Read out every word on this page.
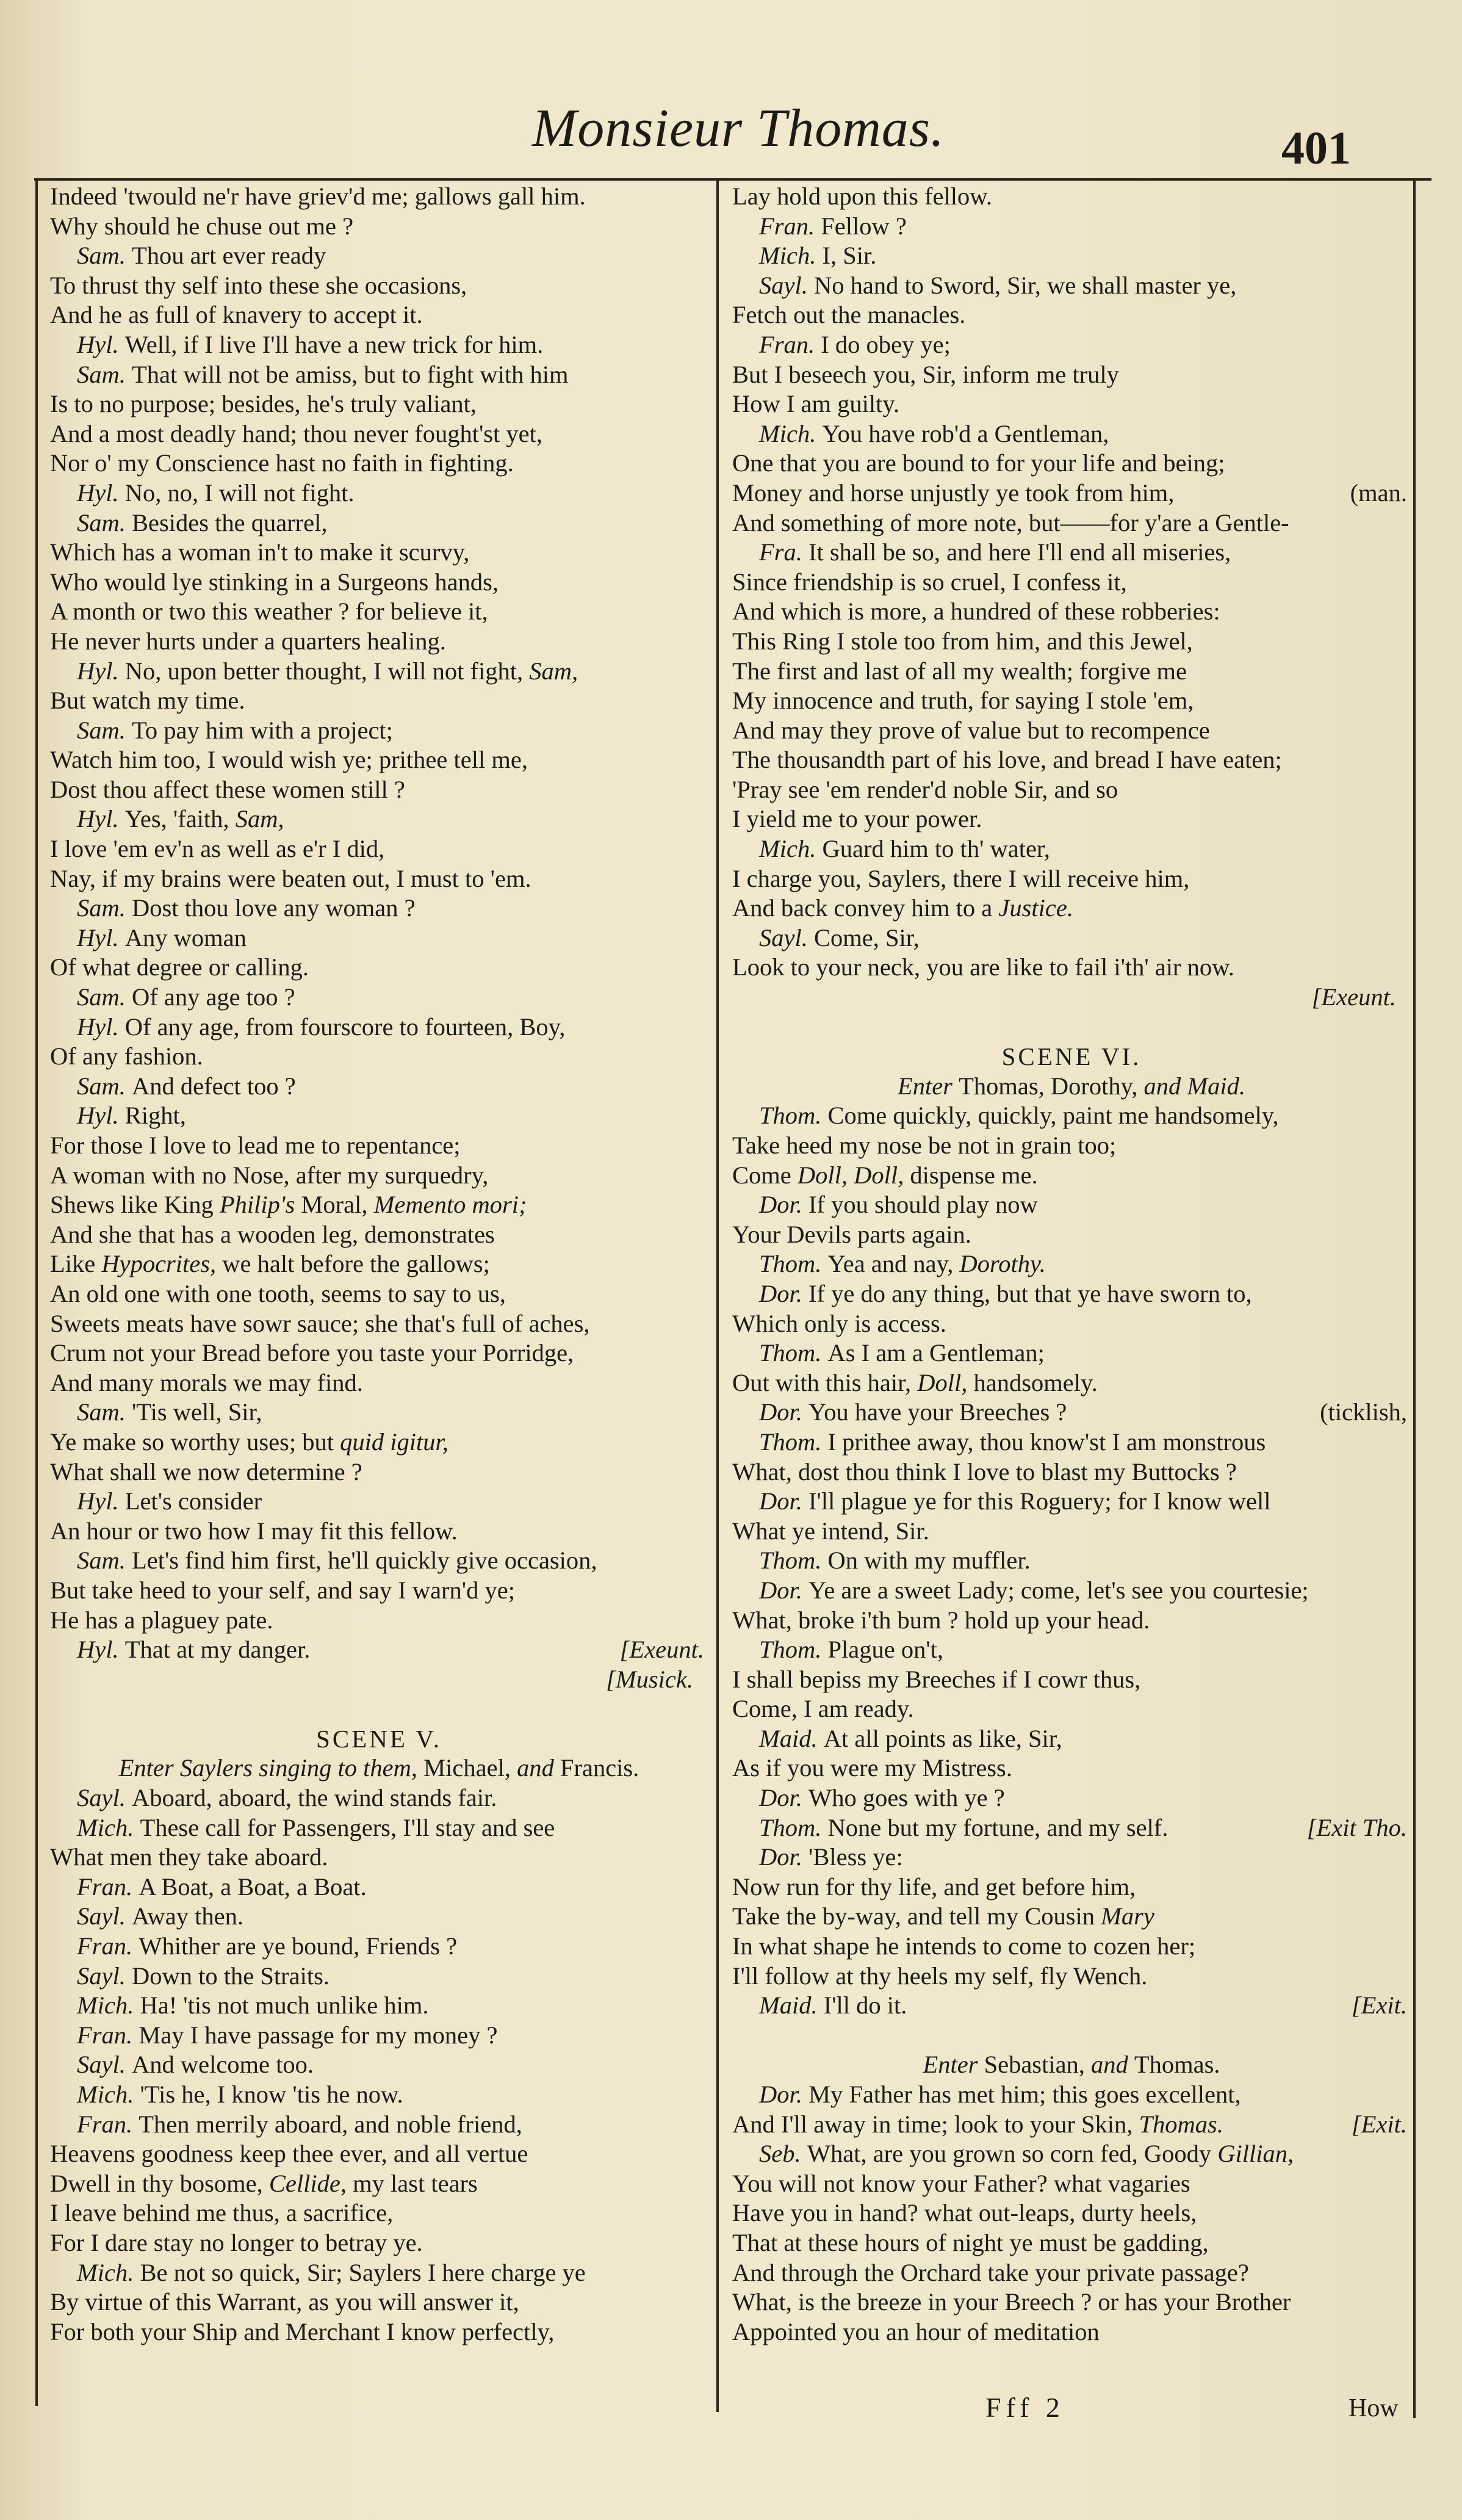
Monsieur Thomas.	401
Indeed 'twould ne'r have griev'd me; gallows gall him.
Why should he chuse out me ?
Sam. Thou art ever ready
To thrust thy self into these she occasions,
And he as full of knavery to accept it.
Hyl. Well, if I live I'll have a new trick for him.
Sam. That will not be amiss, but to fight with him
Is to no purpose; besides, he's truly valiant,
And a most deadly hand; thou never fought'st yet,
Nor o' my Conscience hast no faith in fighting.
Hyl. No, no, I will not fight.
Sam. Besides the quarrel,
Which has a woman in't to make it scurvy,
Who would lye stinking in a Surgeons hands,
A month or two this weather ? for believe it,
He never hurts under a quarters healing.
Hyl. No, upon better thought, I will not fight, Sam,
But watch my time.
Sam. To pay him with a project;
Watch him too, I would wish ye; prithee tell me,
Dost thou affect these women still ?
Hyl. Yes, 'faith, Sam,
I love 'em ev'n as well as e'r I did,
Nay, if my brains were beaten out, I must to 'em.
Sam. Dost thou love any woman ?
Hyl. Any woman
Of what degree or calling.
Sam. Of any age too ?
Hyl. Of any age, from fourscore to fourteen, Boy,
Of any fashion.
Sam. And defect too ?
Hyl. Right,
For those I love to lead me to repentance;
A woman with no Nose, after my surquedry,
Shews like King Philip's Moral, Memento mori;
And she that has a wooden leg, demonstrates
Like Hypocrites, we halt before the gallows;
An old one with one tooth, seems to say to us,
Sweets meats have sowr sauce; she that's full of aches,
Crum not your Bread before you taste your Porridge,
And many morals we may find.
Sam. 'Tis well, Sir,
Ye make so worthy uses; but quid igitur,
What shall we now determine ?
Hyl. Let's consider
An hour or two how I may fit this fellow.
Sam. Let's find him first, he'll quickly give occasion,
But take heed to your self, and say I warn'd ye;
He has a plaguey pate.
Hyl. That at my danger.	[Exeunt.
[Musick.
SCENE V.
Enter Saylers singing to them, Michael, and Francis.
Sayl. Aboard, aboard, the wind stands fair.
Mich. These call for Passengers, I'll stay and see
What men they take aboard.
Fran. A Boat, a Boat, a Boat.
Sayl. Away then.
Fran. Whither are ye bound, Friends ?
Sayl. Down to the Straits.
Mich. Ha! 'tis not much unlike him.
Fran. May I have passage for my money ?
Sayl. And welcome too.
Mich. 'Tis he, I know 'tis he now.
Fran. Then merrily aboard, and noble friend,
Heavens goodness keep thee ever, and all vertue
Dwell in thy bosome, Cellide, my last tears
I leave behind me thus, a sacrifice,
For I dare stay no longer to betray ye.
Mich. Be not so quick, Sir; Saylers I here charge ye
By virtue of this Warrant, as you will answer it,
For both your Ship and Merchant I know perfectly,
Lay hold upon this fellow.
Fran. Fellow ?
Mich. I, Sir.
Sayl. No hand to Sword, Sir, we shall master ye,
Fetch out the manacles.
Fran. I do obey ye;
But I beseech you, Sir, inform me truly
How I am guilty.
Mich. You have rob'd a Gentleman,
One that you are bound to for your life and being;
Money and horse unjustly ye took from him,	(man.
And something of more note, but——for y'are a Gentle-
Fra. It shall be so, and here I'll end all miseries,
Since friendship is so cruel, I confess it,
And which is more, a hundred of these robberies:
This Ring I stole too from him, and this Jewel,
The first and last of all my wealth; forgive me
My innocence and truth, for saying I stole 'em,
And may they prove of value but to recompence
The thousandth part of his love, and bread I have eaten;
'Pray see 'em render'd noble Sir, and so
I yield me to your power.
Mich. Guard him to th' water,
I charge you, Saylers, there I will receive him,
And back convey him to a Justice.
Sayl. Come, Sir,
Look to your neck, you are like to fail i'th' air now.
[Exeunt.
SCENE VI.
Enter Thomas, Dorothy, and Maid.
Thom. Come quickly, quickly, paint me handsomely,
Take heed my nose be not in grain too;
Come Doll, Doll, dispense me.
Dor. If you should play now
Your Devils parts again.
Thom. Yea and nay, Dorothy.
Dor. If ye do any thing, but that ye have sworn to,
Which only is access.
Thom. As I am a Gentleman;
Out with this hair, Doll, handsomely.
Dor. You have your Breeches ?	(ticklish,
Thom. I prithee away, thou know'st I am monstrous
What, dost thou think I love to blast my Buttocks ?
Dor. I'll plague ye for this Roguery; for I know well
What ye intend, Sir.
Thom. On with my muffler.
Dor. Ye are a sweet Lady; come, let's see you courtesie;
What, broke i'th bum ? hold up your head.
Thom. Plague on't,
I shall bepiss my Breeches if I cowr thus,
Come, I am ready.
Maid. At all points as like, Sir,
As if you were my Mistress.
Dor. Who goes with ye ?
Thom. None but my fortune, and my self.	[Exit Tho.
Dor. 'Bless ye:
Now run for thy life, and get before him,
Take the by-way, and tell my Cousin Mary
In what shape he intends to come to cozen her;
I'll follow at thy heels my self, fly Wench.
Maid. I'll do it.	[Exit.
Enter Sebastian, and Thomas.
Dor. My Father has met him; this goes excellent,
And I'll away in time; look to your Skin, Thomas.	[Exit.
Seb. What, are you grown so corn fed, Goody Gillian,
You will not know your Father? what vagaries
Have you in hand? what out-leaps, durty heels,
That at these hours of night ye must be gadding,
And through the Orchard take your private passage?
What, is the breeze in your Breech ? or has your Brother
Appointed you an hour of meditation
Fff 2	How
